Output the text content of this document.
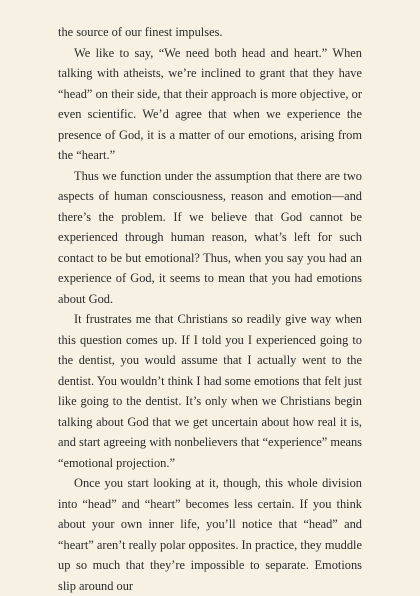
the source of our finest impulses.

We like to say, “We need both head and heart.” When talking with atheists, we’re inclined to grant that they have “head” on their side, that their approach is more objective, or even scientific. We’d agree that when we experience the presence of God, it is a matter of our emotions, arising from the “heart.”

Thus we function under the assumption that there are two aspects of human consciousness, reason and emotion—and there’s the problem. If we believe that God cannot be experienced through human reason, what’s left for such contact to be but emotional? Thus, when you say you had an experience of God, it seems to mean that you had emotions about God.

It frustrates me that Christians so readily give way when this question comes up. If I told you I experienced going to the dentist, you would assume that I actually went to the dentist. You wouldn’t think I had some emotions that felt just like going to the dentist. It’s only when we Christians begin talking about God that we get uncertain about how real it is, and start agreeing with nonbelievers that “experience” means “emotional projection.”

Once you start looking at it, though, this whole division into “head” and “heart” becomes less certain. If you think about your own inner life, you’ll notice that “head” and “heart” aren’t really polar opposites. In practice, they muddle up so much that they’re impossible to separate. Emotions slip around our
